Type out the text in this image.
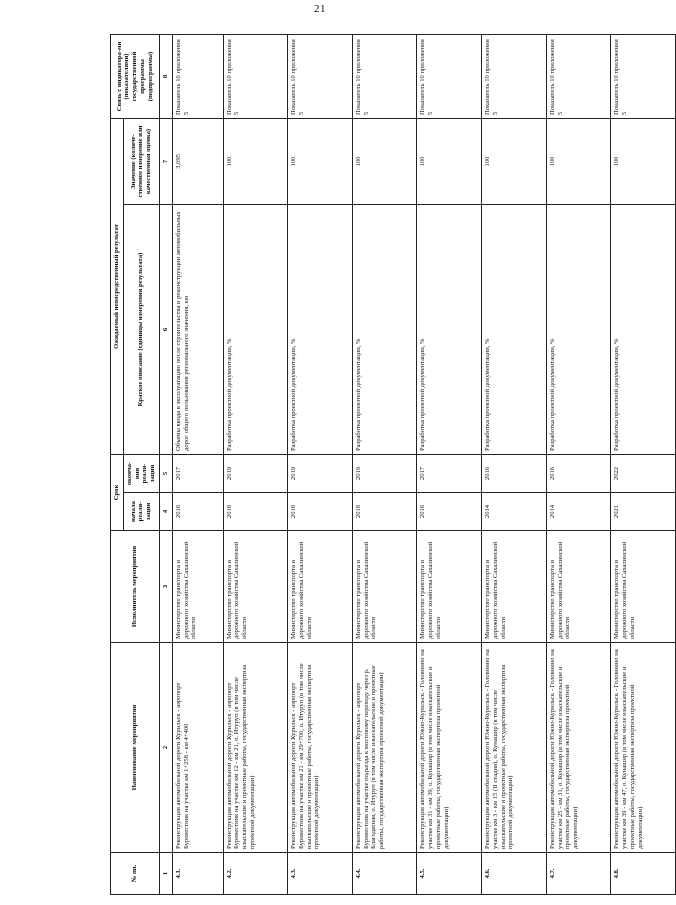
21
№ пп.	Наименование мероприятия	Исполнитель мероприятия	Срок		Ожидаемый непосредственный результат		Связь с индикатора-ми (показателями) государственной программы (подпрограммы)
			начала реали-зации	оконча-ния реали-зации	Краткое описание (единицы измерения результата)	Значение (количе-ственное измерение или качественная оценка)	

1	2	3	4	5	6	7	8
4.1.	Реконструкция автомобильной дороги Курильск - аэропорт Буревестник на участке км 1+258 - км 4+400	Министерство транспорта и дорожного хозяйства Сахалинской области	2016	2017	Объемы ввода в эксплуатацию после строительства и реконструкции автомобильных дорог общего пользования регионального значения, км	3,095	Показатель 10 приложения 5
4.2.	Реконструкция автомобильной дороги Курильск - аэропорт Буревестник на участке км 12 - км 21, о. Итуруп (в том числе изыскательские и проектные работы, государственная экспертиза проектной документации)	Министерство транспорта и дорожного хозяйства Сахалинской области	2018	2019	Разработка проектной документации, %	100	Показатель 10 приложения 5
4.3.	Реконструкция автомобильной дороги Курильск - аэропорт Буревестник на участке км 21 - км 29+700, о. Итуруп (в том числе изыскательские и проектные работы, государственная экспертиза проектной документации)	Министерство транспорта и дорожного хозяйства Сахалинской области	2018	2019	Разработка проектной документации, %	100	Показатель 10 приложения 5
4.4.	Реконструкция автомобильной дороги Курильск - аэропорт Буревестник на участке подъезда к мостовому переходу через р. Благодатная, о. Итуруп (в том числе изыскательские и проектные работы, государственная экспертиза проектной документации)	Министерство транспорта и дорожного хозяйства Сахалинской области	2018	2019	Разработка проектной документации, %	100	Показатель 10 приложения 5
4.5.	Реконструкция автомобильной дороги Южно-Курильск - Головнино на участке км 31 - км 39, о. Кунашир (в том числе изыскательские и проектные работы, государственная экспертиза проектной документации)	Министерство транспорта и дорожного хозяйства Сахалинской области	2016	2017	Разработка проектной документации, %	100	Показатель 10 приложения 5
4.6.	Реконструкция автомобильной дороги Южно-Курильск - Головнино на участке км 3 - км 15 (II стадия), о. Кунашир (в том числе изыскательские и проектные работы, государственная экспертиза проектной документации)	Министерство транспорта и дорожного хозяйства Сахалинской области	2014	2016	Разработка проектной документации, %	100	Показатель 10 приложения 5
4.7.	Реконструкция автомобильной дороги Южно-Курильск - Головнино на участке км 25 - км 31, о. Кунашир (в том числе изыскательские и проектные работы, государственная экспертиза проектной документации)	Министерство транспорта и дорожного хозяйства Сахалинской области	2014	2016	Разработка проектной документации, %	100	Показатель 10 приложения 5
4.8.	Реконструкция автомобильной дороги Южно-Курильск - Головнино на участке км 39 - км 47, о. Кунашир (в том числе изыскательские и проектные работы, государственная экспертиза проектной документации)	Министерство транспорта и дорожного хозяйства Сахалинской области	2021	2022	Разработка проектной документации, %	100	Показатель 10 приложения 5
